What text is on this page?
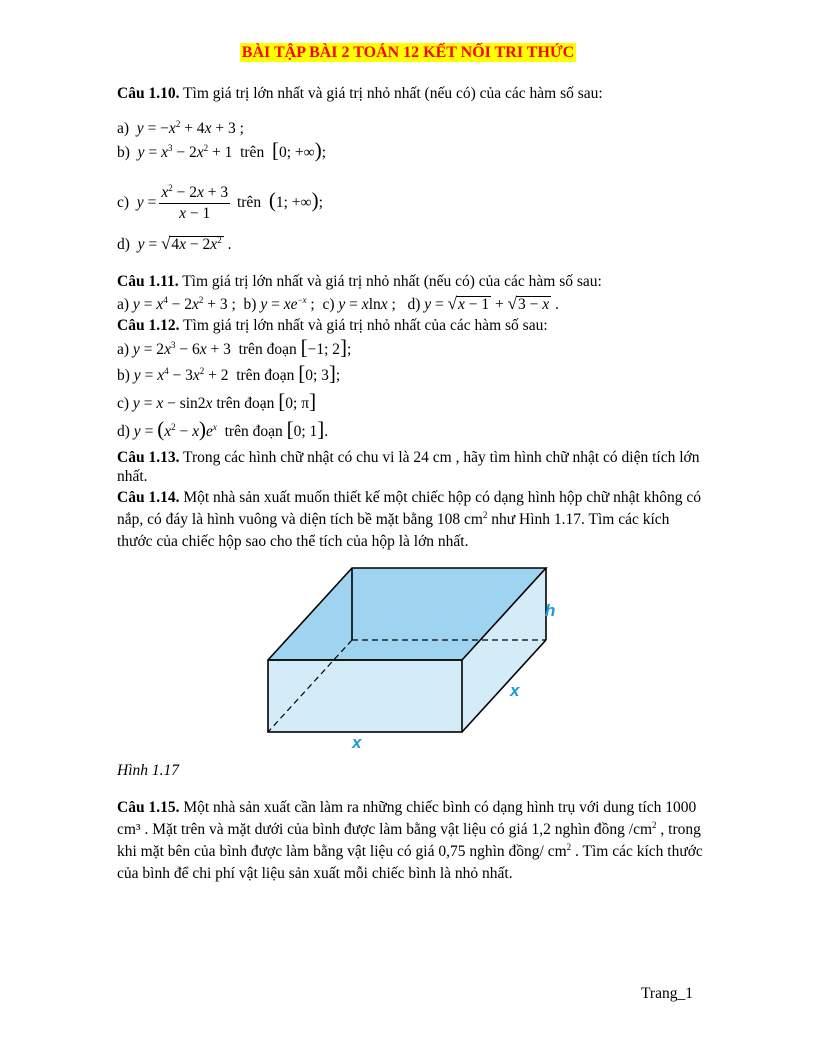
BÀI TẬP BÀI 2 TOÁN 12 KẾT NỐI TRI THỨC
Câu 1.10. Tìm giá trị lớn nhất và giá trị nhỏ nhất (nếu có) của các hàm số sau:
a) $y = -x^2 + 4x + 3$ ;
b) $y = x^3 - 2x^2 + 1$  trên [0; +∞);
c) $y = \frac{x^2 - 2x + 3}{x - 1}$ trên (1; +∞);
d) $y = √4x - 2x^2$ .
Câu 1.11. Tìm giá trị lớn nhất và giá trị nhỏ nhất (nếu có) của các hàm số sau:
a) $y = x^4 - 2x^2 + 3$ ;  b) $y = xe^{-x}$ ;  c) y = xlnx ;   d) y = √x − 1 + √3 − x .
Câu 1.12. Tìm giá trị lớn nhất và giá trị nhỏ nhất của các hàm số sau:
a) $y = 2x^3 - 6x + 3$  trên đoạn [−1; 2];
b) $y = x^4 - 3x^2 + 2$  trên đoạn [0; 3];
c) y = x − sin2x trên đoạn [0; π]
d) $y = (x^2 - x)e^x$ trên đoạn [0; 1].
Câu 1.13. Trong các hình chữ nhật có chu vi là 24 cm , hãy tìm hình chữ nhật có diện tích lớn nhất.
Câu 1.14. Một nhà sản xuất muốn thiết kế một chiếc hộp có dạng hình hộp chữ nhật không có nắp, có đáy là hình vuông và diện tích bề mặt bằng 108 $cm^2$ như Hình 1.17. Tìm các kích thước của chiếc hộp sao cho thể tích của hộp là lớn nhất.
h
x
x
Hình 1.17
Câu 1.15. Một nhà sản xuất cần làm ra những chiếc bình có dạng hình trụ với dung tích 1000 cm³ . Mặt trên và mặt dưới của bình được làm bằng vật liệu có giá 1,2 nghìn đồng $/cm^2$ , trong khi mặt bên của bình được làm bằng vật liệu có giá 0,75 nghìn đồng/ $cm^2$ . Tìm các kích thước của bình để chi phí vật liệu sản xuất mỗi chiếc bình là nhỏ nhất.
Trang_1
